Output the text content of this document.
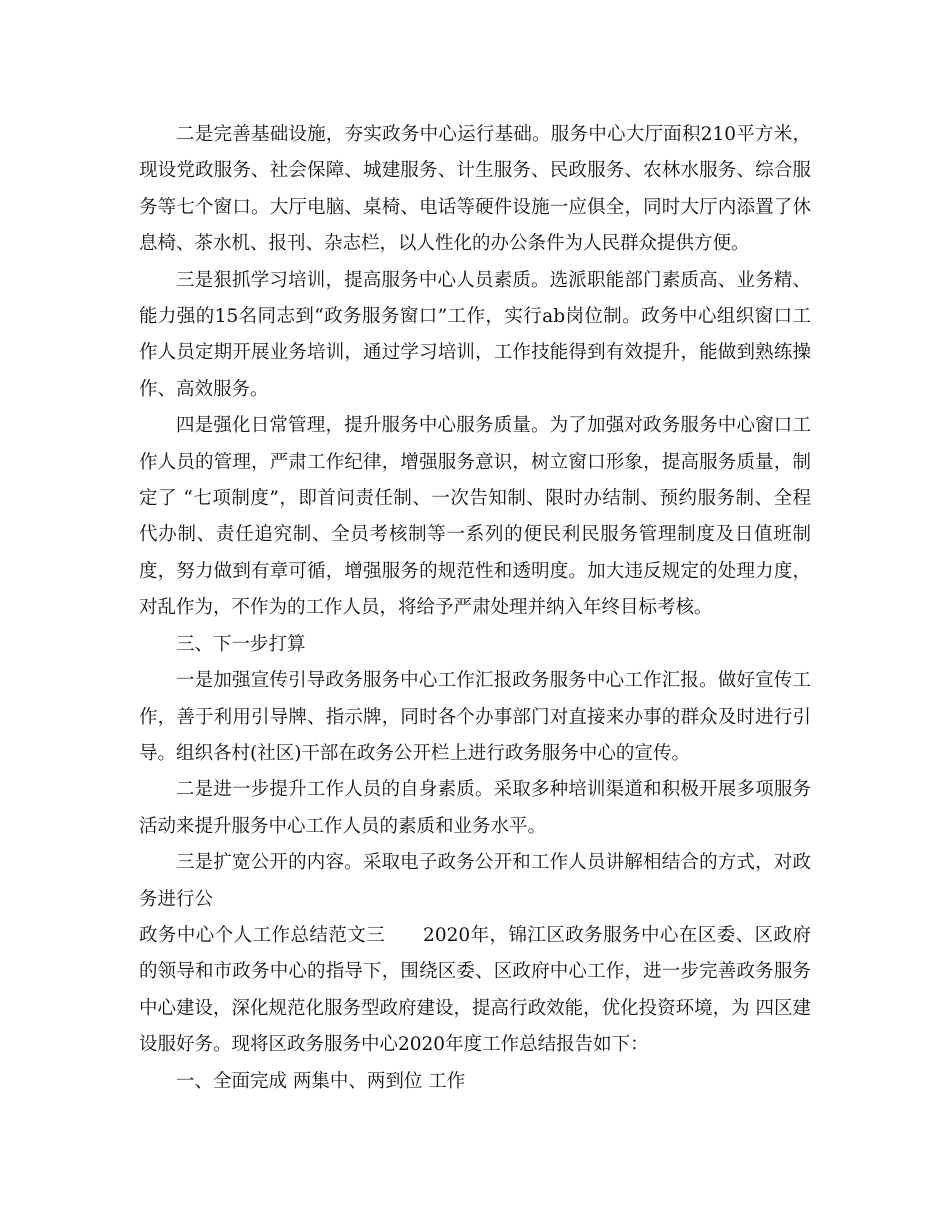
二是完善基础设施，夯实政务中心运行基础。服务中心大厅面积210平方米，现设党政服务、社会保障、城建服务、计生服务、民政服务、农林水服务、综合服务等七个窗口。大厅电脑、桌椅、电话等硬件设施一应俱全，同时大厅内添置了休息椅、茶水机、报刊、杂志栏，以人性化的办公条件为人民群众提供方便。

三是狠抓学习培训，提高服务中心人员素质。选派职能部门素质高、业务精、能力强的15名同志到“政务服务窗口”工作，实行ab岗位制。政务中心组织窗口工作人员定期开展业务培训，通过学习培训，工作技能得到有效提升，能做到熟练操作、高效服务。

四是强化日常管理，提升服务中心服务质量。为了加强对政务服务中心窗口工作人员的管理，严肃工作纪律，增强服务意识，树立窗口形象，提高服务质量，制定了 “七项制度”，即首问责任制、一次告知制、限时办结制、预约服务制、全程代办制、责任追究制、全员考核制等一系列的便民利民服务管理制度及日值班制度，努力做到有章可循，增强服务的规范性和透明度。加大违反规定的处理力度，对乱作为，不作为的工作人员，将给予严肃处理并纳入年终目标考核。

三、下一步打算

一是加强宣传引导政务服务中心工作汇报政务服务中心工作汇报。做好宣传工作，善于利用引导牌、指示牌，同时各个办事部门对直接来办事的群众及时进行引导。组织各村(社区)干部在政务公开栏上进行政务服务中心的宣传。

二是进一步提升工作人员的自身素质。采取多种培训渠道和积极开展多项服务活动来提升服务中心工作人员的素质和业务水平。

三是扩宽公开的内容。采取电子政务公开和工作人员讲解相结合的方式，对政务进行公

政务中心个人工作总结范文三　　2020年，锦江区政务服务中心在区委、区政府的领导和市政务中心的指导下，围绕区委、区政府中心工作，进一步完善政务服务中心建设，深化规范化服务型政府建设，提高行政效能，优化投资环境，为 四区建设服好务。现将区政务服务中心2020年度工作总结报告如下：

一、全面完成 两集中、两到位 工作
